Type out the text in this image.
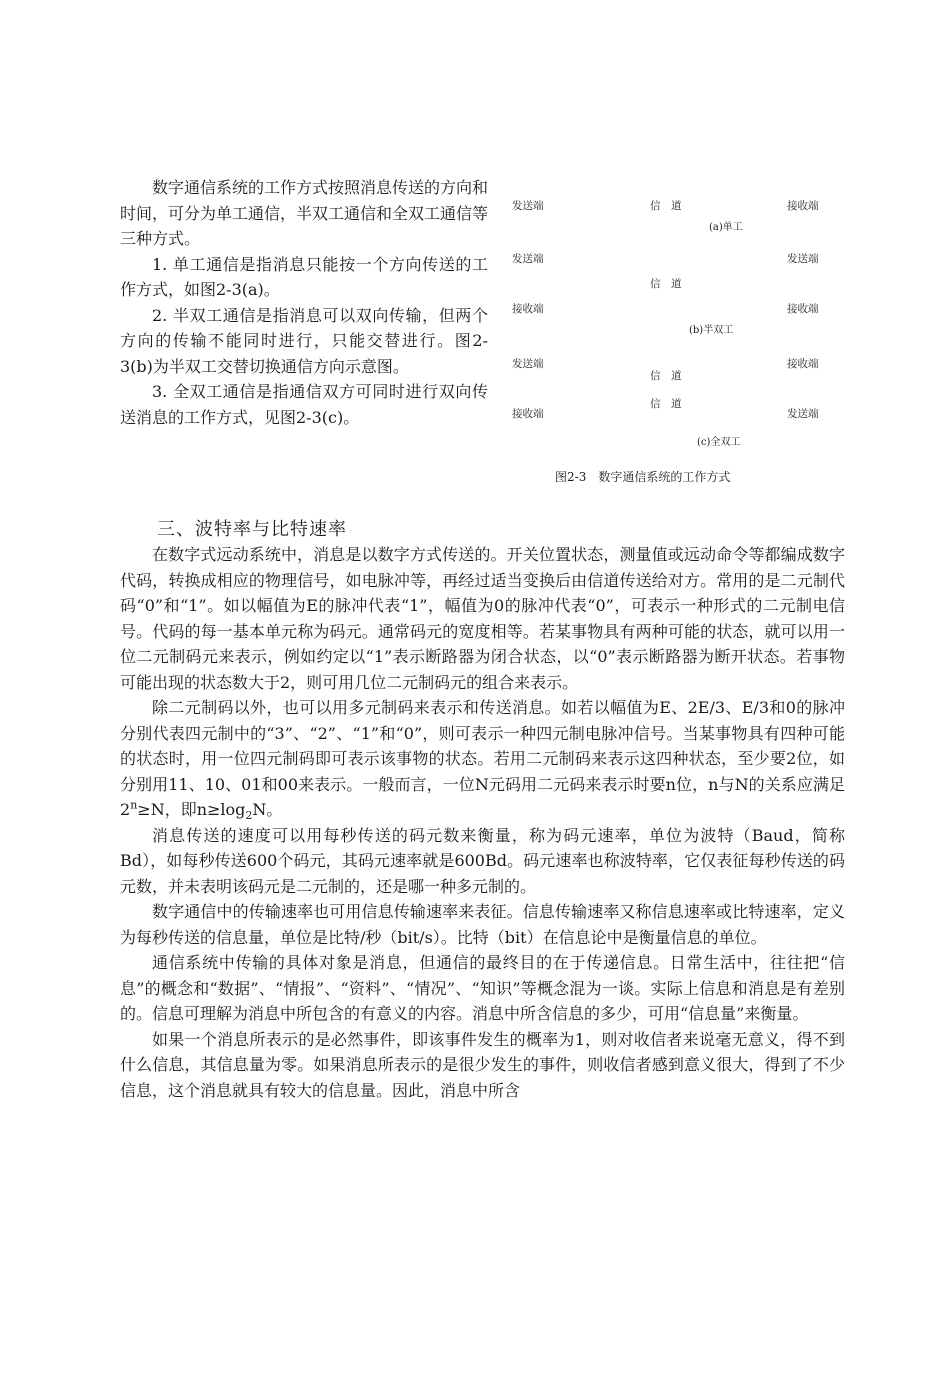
数字通信系统的工作方式按照消息传送的方向和时间，可分为单工通信，半双工通信和全双工通信等三种方式。

1. 单工通信是指消息只能按一个方向传送的工作方式，如图2-3(a)。

2. 半双工通信是指消息可以双向传输，但两个方向的传输不能同时进行，只能交替进行。图2-3(b)为半双工交替切换通信方向示意图。

3. 全双工通信是指通信双方可同时进行双向传送消息的工作方式，见图2-3(c)。

发送端	信　道	接收端
(a)单工
发送端	发送端
信　道
接收端	接收端
(b)半双工
发送端	接收端
信　道
信　道
接收端	发送端
(c)全双工
图2-3　数字通信系统的工作方式
三、波特率与比特速率

在数字式远动系统中，消息是以数字方式传送的。开关位置状态，测量值或远动命令等都编成数字代码，转换成相应的物理信号，如电脉冲等，再经过适当变换后由信道传送给对方。常用的是二元制代码“0”和“1”。如以幅值为E的脉冲代表“1”，幅值为0的脉冲代表“0”，可表示一种形式的二元制电信号。代码的每一基本单元称为码元。通常码元的宽度相等。若某事物具有两种可能的状态，就可以用一位二元制码元来表示，例如约定以“1”表示断路器为闭合状态，以“0”表示断路器为断开状态。若事物可能出现的状态数大于2，则可用几位二元制码元的组合来表示。

除二元制码以外，也可以用多元制码来表示和传送消息。如若以幅值为E、2E/3、E/3和0的脉冲分别代表四元制中的“3”、“2”、“1”和“0”，则可表示一种四元制电脉冲信号。当某事物具有四种可能的状态时，用一位四元制码即可表示该事物的状态。若用二元制码来表示这四种状态，至少要2位，如分别用11、10、01和00来表示。一般而言，一位N元码用二元码来表示时要n位，n与N的关系应满足$2^n\ge N$，即$n\ge\log_2N$。

消息传送的速度可以用每秒传送的码元数来衡量，称为码元速率，单位为波特（Baud，简称Bd），如每秒传送600个码元，其码元速率就是600Bd。码元速率也称波特率，它仅表征每秒传送的码元数，并未表明该码元是二元制的，还是哪一种多元制的。

数字通信中的传输速率也可用信息传输速率来表征。信息传输速率又称信息速率或比特速率，定义为每秒传送的信息量，单位是比特/秒（bit/s）。比特（bit）在信息论中是衡量信息的单位。

通信系统中传输的具体对象是消息，但通信的最终目的在于传递信息。日常生活中，往往把“信息”的概念和“数据”、“情报”、“资料”、“情况”、“知识”等概念混为一谈。实际上信息和消息是有差别的。信息可理解为消息中所包含的有意义的内容。消息中所含信息的多少，可用“信息量”来衡量。

如果一个消息所表示的是必然事件，即该事件发生的概率为1，则对收信者来说毫无意义，得不到什么信息，其信息量为零。如果消息所表示的是很少发生的事件，则收信者感到意义很大，得到了不少信息，这个消息就具有较大的信息量。因此，消息中所含
